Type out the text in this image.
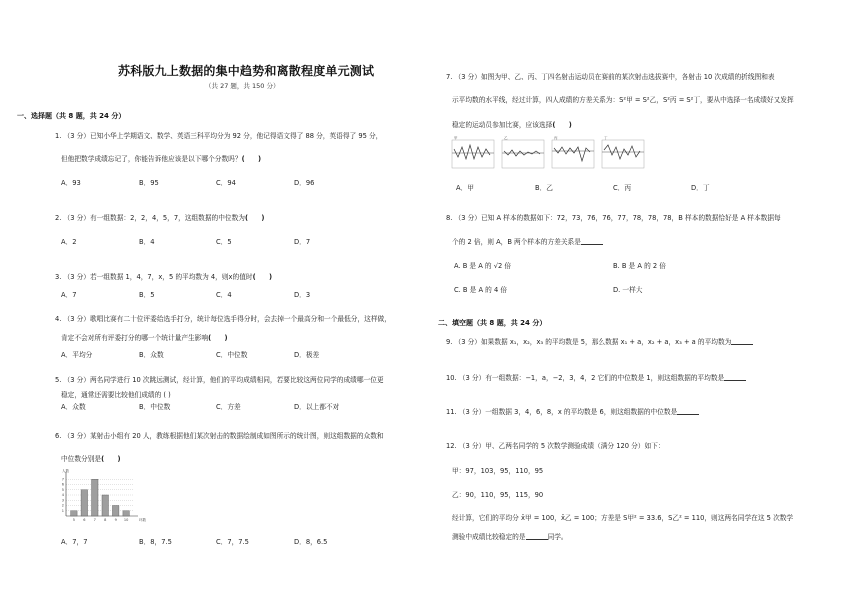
苏科版九上数据的集中趋势和离散程度单元测试
（共 27 题，共 150 分）
一、选择题（共 8 题，共 24 分）
1. （3 分）已知小华上学期语文、数学、英语三科平均分为 92 分，他记得语文得了 88 分，英语得了 95 分，
但他把数学成绩忘记了，你能告诉他应该是以下哪个分数吗？(　　)
A．93	B．95	C．94	D．96
2. （3 分）有一组数据：2，2，4，5，7，这组数据的中位数为(　　)
A．2	B．4	C．5	D．7
3. （3 分）若一组数据 1，4，7，x，5 的平均数为 4，则x的值时(　　)
A．7	B．5	C．4	D．3
4. （3 分）歌唱比赛有二十位评委给选手打分，统计每位选手得分时，会去掉一个最高分和一个最低分，这样做，
肯定不会对所有评委打分的哪一个统计量产生影响(　　)
A．平均分	B．众数	C．中位数	D．极差
5. （3 分）两名同学进行 10 次跳远测试，经计算，他们的平均成绩相同，若要比较这两位同学的成绩哪一位更
稳定，通常还需要比较他们成绩的 ( )
A．众数	B．中位数	C．方差	D．以上都不对
6. （3 分）某射击小组有 20 人，教练根据他们某次射击的数据绘制成如图所示的统计图，则这组数据的众数和
中位数分别是(　　)
1
2
3
4
5
6
7
人数
环数
5 6 7 8 9 10
A．7，7	B．8，7.5	C．7，7.5	D．8，6.5
7. （3 分）如图为甲、乙、丙、丁四名射击运动员在赛前的某次射击选拔赛中，各射击 10 次成绩的折线图和表
示平均数的水平线，经过计算，四人成绩的方差关系为：S²甲 = S²乙，S²丙 = S²丁，要从中选择一名成绩好又发挥
稳定的运动员参加比赛，应该选择(　　)
甲	乙	丙	丁
A．甲	B．乙	C．丙	D．丁
8. （3 分）已知 A 样本的数据如下：72，73，76，76，77，78，78，78，B 样本的数据恰好是 A 样本数据每
个的 2 倍，则 A，B 两个样本的方差关系是
A. B 是 A 的 √2 倍	B. B 是 A 的 2 倍
C. B 是 A 的 4 倍	D. 一样大
二、填空题（共 8 题，共 24 分）
9. （3 分）如果数据 x₁，x₂，x₃ 的平均数是 5，那么数据 x₁ + a，x₂ + a，x₃ + a 的平均数为
10. （3 分）有一组数据：−1，a，−2，3，4，2 它们的中位数是 1，则这组数据的平均数是
11. （3 分）一组数据 3，4，6，8，x 的平均数是 6，则这组数据的中位数是
12. （3 分）甲、乙两名同学的 5 次数学测验成绩（满分 120 分）如下：
甲：97，103，95，110，95
乙：90，110，95，115，90
经计算，它们的平均分 x̄甲 = 100，x̄乙 = 100；方差是 S甲² = 33.6，S乙² = 110，则这两名同学在这 5 次数学
测验中成绩比较稳定的是	同学。
